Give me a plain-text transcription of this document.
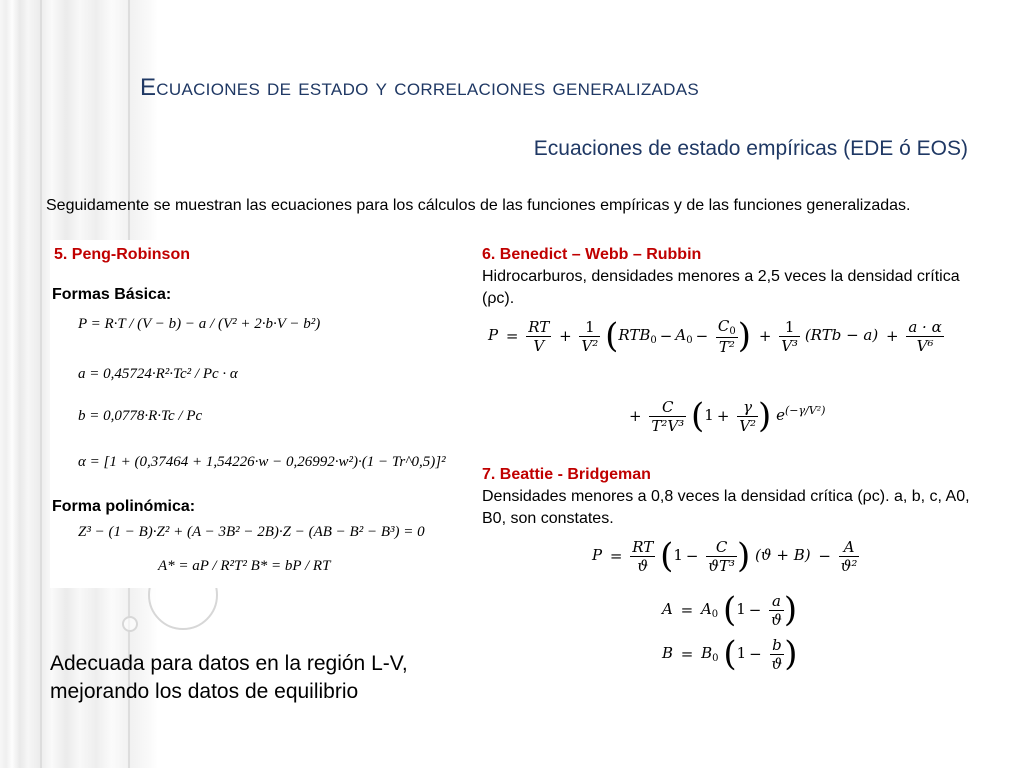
Ecuaciones de estado y correlaciones generalizadas
Ecuaciones de estado empíricas (EDE ó EOS)
Seguidamente se muestran las ecuaciones para los cálculos de las funciones empíricas y de las funciones generalizadas.
5. Peng-Robinson
Formas Básica:
P = R·T / (V − b) − a / (V² + 2·b·V − b²)
a = 0,45724·R²·Tc² / Pc · α
b = 0,0778·R·Tc / Pc
α = [1 + (0,37464 + 1,54226·w − 0,26992·w²)·(1 − Tr^0,5)]²
Forma polinómica:
Z³ − (1 − B)·Z² + (A − 3B² − 2B)·Z − (AB − B² − B³) = 0
A* = aP / R²T² B* = bP / RT
Adecuada para datos en la región L-V, mejorando los datos de equilibrio
6. Benedict – Webb – Rubbin
Hidrocarburos, densidades menores a 2,5 veces la densidad crítica (ρc).
$P = \frac{RT}{V} + \frac{1}{\text{V²}} (RTB_0 - A_0 - \frac{C_0}{\text{T²}}$ ) + $\frac{1}{\text{V³}} (RTb - a) + \frac{a \cdot \alpha}{\text{V⁶}}$
+ $\frac{C}{\text{T²V³}} (1 + \frac{\gamma}{\text{V²}}$ ) $e^{(-\gamma/V^2)}$
7. Beattie - Bridgeman
Densidades menores a 0,8 veces la densidad crítica (ρc). a, b, c, A0, B0, son constates.
$P = \frac{RT}{ϑ} (1 - \frac{C}{\text{ϑT³}}$ ) $(ϑ + B) - \frac{A}{\text{ϑ²}}$
$A = A_0$ ($1 - \frac{a}{ϑ}$ )
$B = B_0$ ($1 - \frac{b}{ϑ}$ )
